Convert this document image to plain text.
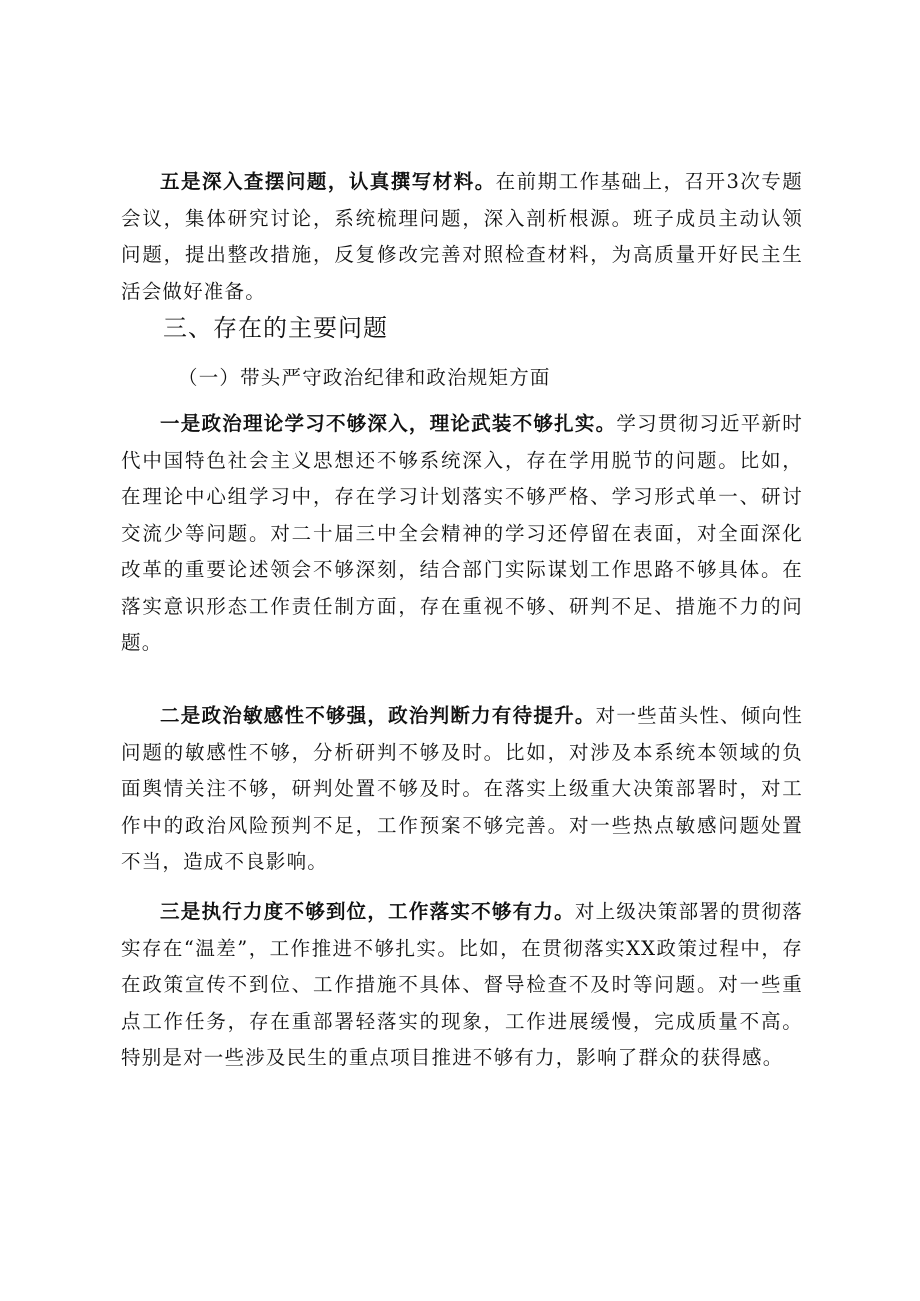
五是深入查摆问题，认真撰写材料。在前期工作基础上，召开3次专题会议，集体研究讨论，系统梳理问题，深入剖析根源。班子成员主动认领问题，提出整改措施，反复修改完善对照检查材料，为高质量开好民主生活会做好准备。

三、存在的主要问题
（一）带头严守政治纪律和政治规矩方面

一是政治理论学习不够深入，理论武装不够扎实。学习贯彻习近平新时代中国特色社会主义思想还不够系统深入，存在学用脱节的问题。比如，在理论中心组学习中，存在学习计划落实不够严格、学习形式单一、研讨交流少等问题。对二十届三中全会精神的学习还停留在表面，对全面深化改革的重要论述领会不够深刻，结合部门实际谋划工作思路不够具体。在落实意识形态工作责任制方面，存在重视不够、研判不足、措施不力的问题。

二是政治敏感性不够强，政治判断力有待提升。对一些苗头性、倾向性问题的敏感性不够，分析研判不够及时。比如，对涉及本系统本领域的负面舆情关注不够，研判处置不够及时。在落实上级重大决策部署时，对工作中的政治风险预判不足，工作预案不够完善。对一些热点敏感问题处置不当，造成不良影响。

三是执行力度不够到位，工作落实不够有力。对上级决策部署的贯彻落实存在“温差”，工作推进不够扎实。比如，在贯彻落实XX政策过程中，存在政策宣传不到位、工作措施不具体、督导检查不及时等问题。对一些重点工作任务，存在重部署轻落实的现象，工作进展缓慢，完成质量不高。特别是对一些涉及民生的重点项目推进不够有力，影响了群众的获得感。
